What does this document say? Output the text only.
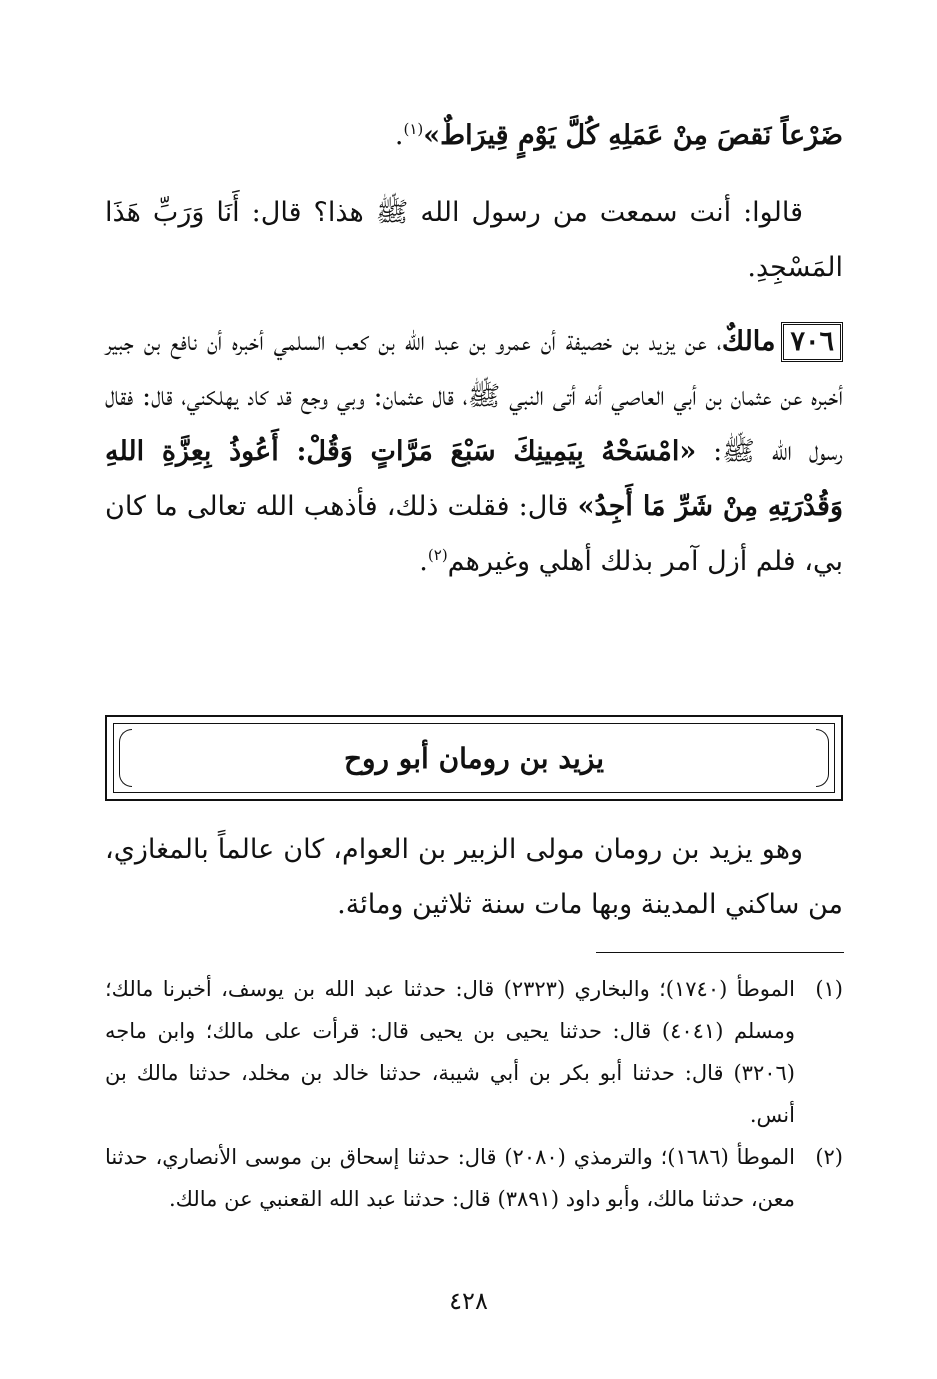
ضَرْعاً نَقصَ مِنْ عَمَلِهِ كُلَّ يَوْمٍ قِيرَاطٌ»$^{(١)}$.

قالوا: أنت سمعت من رسول الله ﷺ هذا؟ قال: أَنَا وَرَبِّ هَذَا المَسْجِدِ.

٧٠٦مالكٌ، عن يزيد بن خصيفة أن عمرو بن عبد الله بن كعب السلمي أخبره أن نافع بن جبير أخبره عن عثمان بن أبي العاصي أنه أتى النبي ﷺ، قال عثمان: وبي وجع قد كاد يهلكني، قال: فقال رسول الله ﷺ: «امْسَحْهُ بِيَمِينِكَ سَبْعَ مَرَّاتٍ وَقُلْ: أَعُوذُ بِعِزَّةِ اللهِ وَقُدْرَتِهِ مِنْ شَرِّ مَا أَجِدُ» قال: فقلت ذلك، فأذهب الله تعالى ما كان بي، فلم أزل آمر بذلك أهلي وغيرهم$^{(٢)}$.

يزيد بن رومان أبو روح

وهو يزيد بن رومان مولى الزبير بن العوام، كان عالماً بالمغازي، من ساكني المدينة وبها مات سنة ثلاثين ومائة.

(١)
الموطأ (١٧٤٠)؛ والبخاري (٢٣٢٣) قال: حدثنا عبد الله بن يوسف، أخبرنا مالك؛ ومسلم (٤٠٤١) قال: حدثنا يحيى بن يحيى قال: قرأت على مالك؛ وابن ماجه (٣٢٠٦) قال: حدثنا أبو بكر بن أبي شيبة، حدثنا خالد بن مخلد، حدثنا مالك بن أنس.
(٢)
الموطأ (١٦٨٦)؛ والترمذي (٢٠٨٠) قال: حدثنا إسحاق بن موسى الأنصاري، حدثنا معن، حدثنا مالك، وأبو داود (٣٨٩١) قال: حدثنا عبد الله القعنبي عن مالك.
٤٢٨
